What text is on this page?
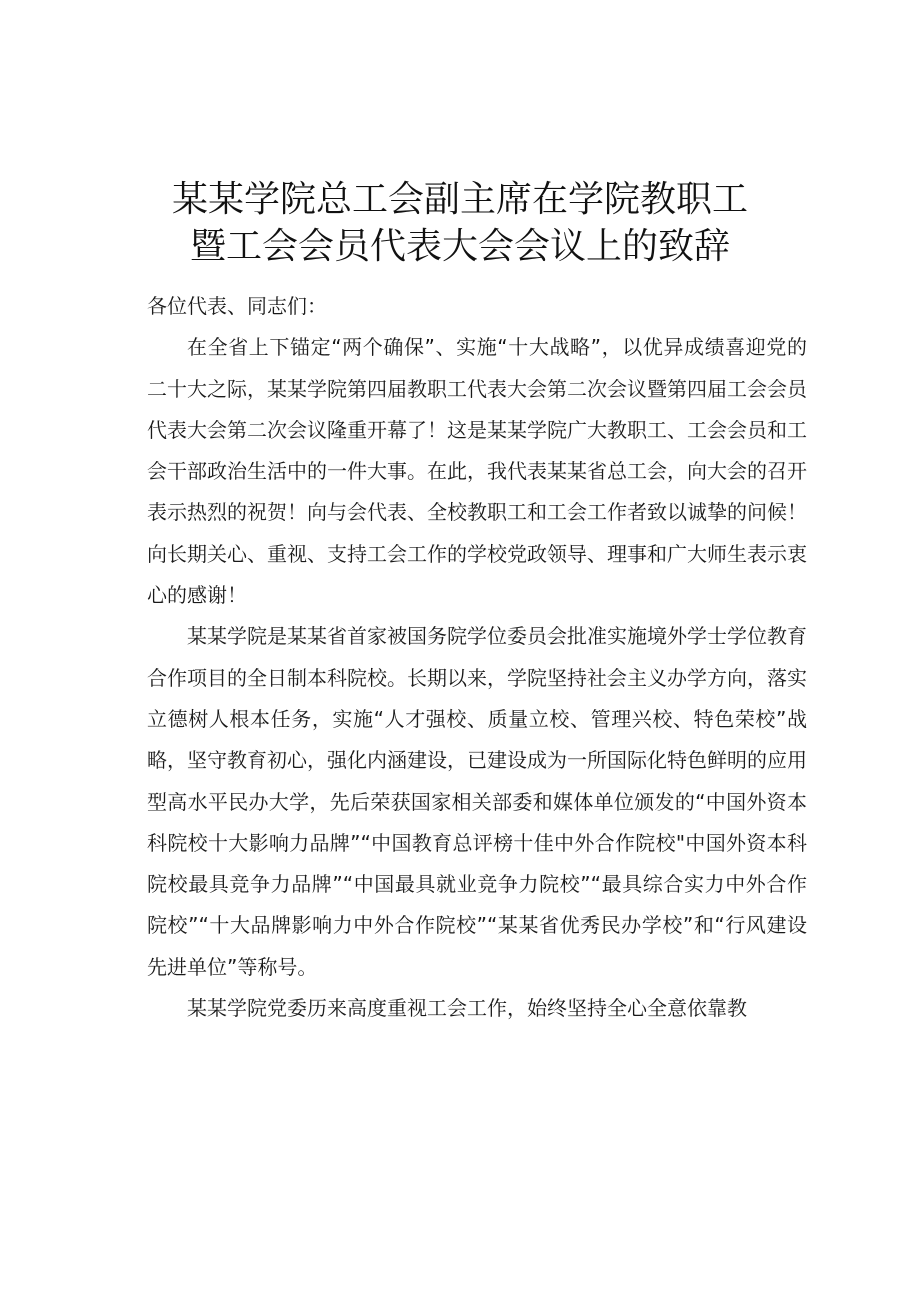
某某学院总工会副主席在学院教职工
暨工会会员代表大会会议上的致辞

各位代表、同志们：

在全省上下锚定“两个确保”、实施“十大战略”，以优异成绩喜迎党的二十大之际，某某学院第四届教职工代表大会第二次会议暨第四届工会会员代表大会第二次会议隆重开幕了！这是某某学院广大教职工、工会会员和工会干部政治生活中的一件大事。在此，我代表某某省总工会，向大会的召开表示热烈的祝贺！向与会代表、全校教职工和工会工作者致以诚挚的问候！向长期关心、重视、支持工会工作的学校党政领导、理事和广大师生表示衷心的感谢！

某某学院是某某省首家被国务院学位委员会批准实施境外学士学位教育合作项目的全日制本科院校。长期以来，学院坚持社会主义办学方向，落实立德树人根本任务，实施“人才强校、质量立校、管理兴校、特色荣校”战略，坚守教育初心，强化内涵建设，已建设成为一所国际化特色鲜明的应用型高水平民办大学，先后荣获国家相关部委和媒体单位颁发的“中国外资本科院校十大影响力品牌”“中国教育总评榜十佳中外合作院校"中国外资本科院校最具竞争力品牌”“中国最具就业竞争力院校”“最具综合实力中外合作院校”“十大品牌影响力中外合作院校”“某某省优秀民办学校”和“行风建设先进单位”等称号。

某某学院党委历来高度重视工会工作，始终坚持全心全意依靠教
